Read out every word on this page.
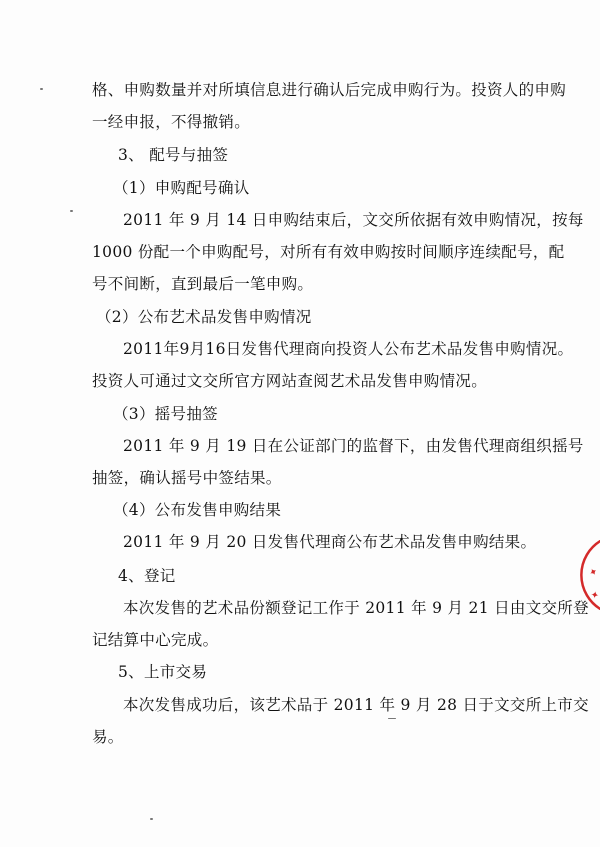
格、申购数量并对所填信息进行确认后完成申购行为。投资人的申购
一经申报，不得撤销。
3、 配号与抽签
（1）申购配号确认
2011 年 9 月 14 日申购结束后，文交所依据有效申购情况，按每
1000 份配一个申购配号，对所有有效申购按时间顺序连续配号，配
号不间断，直到最后一笔申购。
（2）公布艺术品发售申购情况
2011年9月16日发售代理商向投资人公布艺术品发售申购情况。
投资人可通过文交所官方网站查阅艺术品发售申购情况。
（3）摇号抽签
2011 年 9 月 19 日在公证部门的监督下，由发售代理商组织摇号
抽签，确认摇号中签结果。
（4）公布发售申购结果
2011 年 9 月 20 日发售代理商公布艺术品发售申购结果。
4、登记
本次发售的艺术品份额登记工作于 2011 年 9 月 21 日由文交所登
记结算中心完成。
5、上市交易
本次发售成功后，该艺术品于 2011 年 9 月 28 日于文交所上市交
易。
✦
✦
